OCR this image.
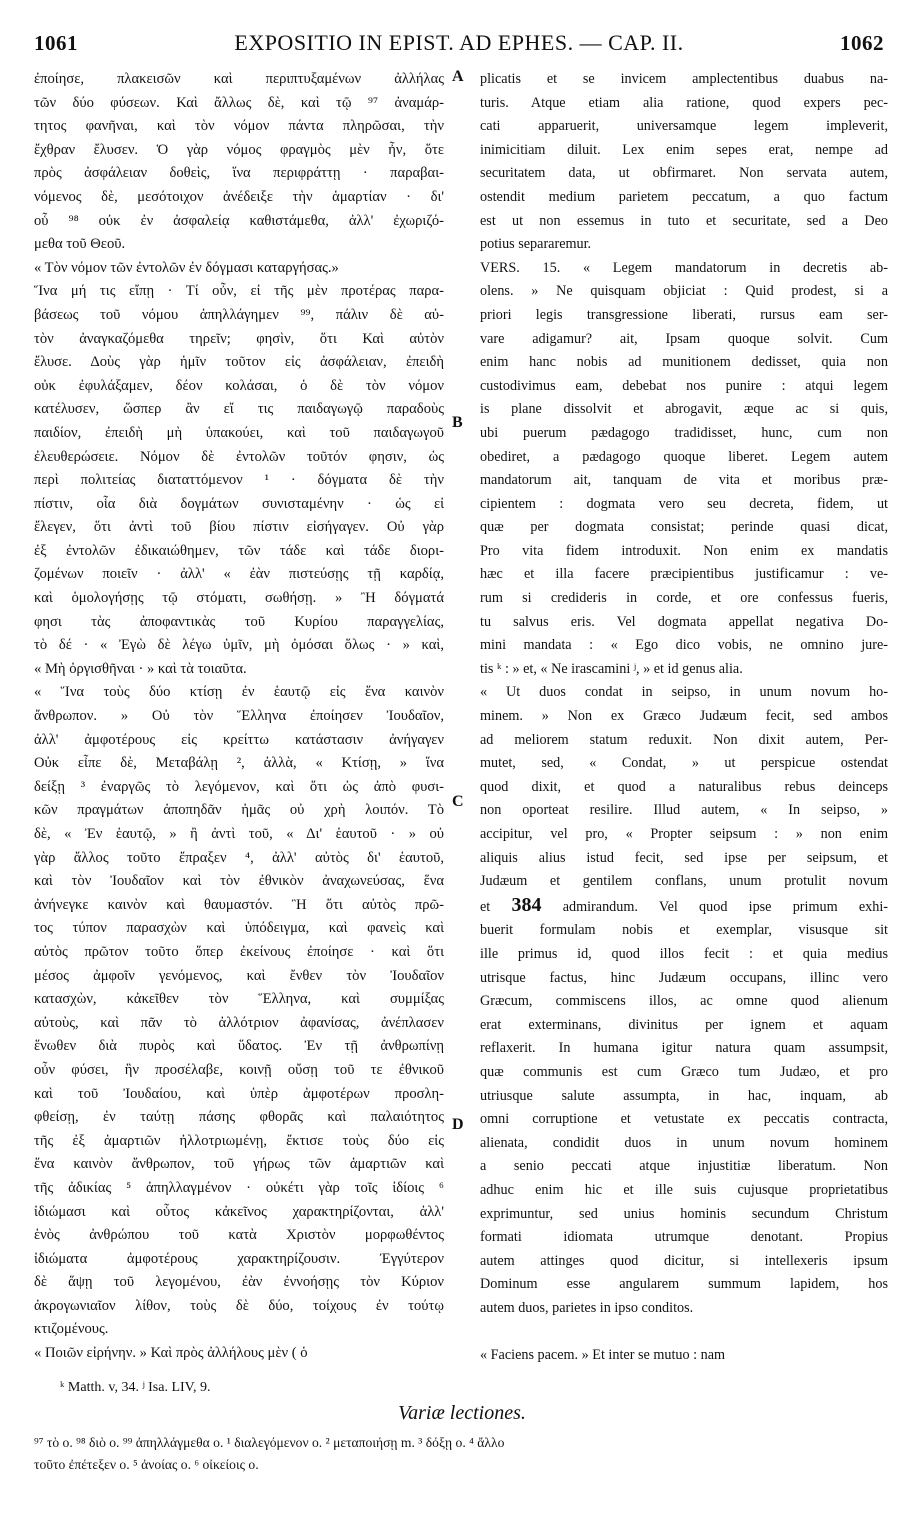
1061	EXPOSITIO IN EPIST. AD EPHES. — CAP. II.	1062
ἐποίησε, πλακεισῶν καὶ περιπτυξαμένων ἀλλήλας
τῶν δύο φύσεων. Καὶ ἄλλως δὲ, καὶ τῷ ⁹⁷ ἀναμάρ-
τητος φανῆναι, καὶ τὸν νόμον πάντα πληρῶσαι, τὴν
ἔχθραν ἔλυσεν. Ὁ γὰρ νόμος φραγμὸς μὲν ἦν, ὅτε
πρὸς ἀσφάλειαν δοθεὶς, ἵνα περιφράττῃ · παραβαι-
νόμενος δὲ, μεσότοιχον ἀνέδειξε τὴν ἁμαρτίαν · δι'
οὗ ⁹⁸ οὐκ ἐν ἀσφαλείᾳ καθιστάμεθα, ἀλλ' ἐχωριζό-
μεθα τοῦ Θεοῦ.
« Τὸν νόμον τῶν ἐντολῶν ἐν δόγμασι καταργήσας.»
Ἵνα μή τις εἴπῃ · Τί οὖν, εἰ τῆς μὲν προτέρας παρα-
βάσεως τοῦ νόμου ἀπηλλάγημεν ⁹⁹, πάλιν δὲ αὐ-
τὸν ἀναγκαζόμεθα τηρεῖν; φησὶν, ὅτι Καὶ αὐτὸν
ἔλυσε. Δοὺς γὰρ ἡμῖν τοῦτον εἰς ἀσφάλειαν, ἐπειδὴ
οὐκ ἐφυλάξαμεν, δέον κολάσαι, ὁ δὲ τὸν νόμον
κατέλυσεν, ὥσπερ ἂν εἴ τις παιδαγωγῷ παραδοὺς
παιδίον, ἐπειδὴ μὴ ὑπακούει, καὶ τοῦ παιδαγωγοῦ
ἐλευθερώσειε. Νόμον δὲ ἐντολῶν τοῦτόν φησιν, ὡς
περὶ πολιτείας διαταττόμενον ¹ · δόγματα δὲ τὴν
πίστιν, οἷα διὰ δογμάτων συνισταμένην · ὡς εἰ
ἔλεγεν, ὅτι ἀντὶ τοῦ βίου πίστιν εἰσήγαγεν. Οὐ γὰρ
ἐξ ἐντολῶν ἐδικαιώθημεν, τῶν τάδε καὶ τάδε διορι-
ζομένων ποιεῖν · ἀλλ' « ἐὰν πιστεύσῃς τῇ καρδίᾳ,
καὶ ὁμολογήσῃς τῷ στόματι, σωθήσῃ. » Ἢ δόγματά
φησι τὰς ἀποφαντικὰς τοῦ Κυρίου παραγγελίας,
τὸ δέ · « Ἐγὼ δὲ λέγω ὑμῖν, μὴ ὀμόσαι ὅλως · » καὶ,
« Μὴ ὀργισθῆναι · » καὶ τὰ τοιαῦτα.
« Ἵνα τοὺς δύο κτίσῃ ἐν ἑαυτῷ εἰς ἕνα καινὸν
ἄνθρωπον. » Οὐ τὸν Ἕλληνα ἐποίησεν Ἰουδαῖον,
ἀλλ' ἀμφοτέρους εἰς κρείττω κατάστασιν ἀνήγαγεν
Οὐκ εἶπε δὲ, Μεταβάλῃ ², ἀλλὰ, « Κτίσῃ, » ἵνα
δείξῃ ³ ἐναργῶς τὸ λεγόμενον, καὶ ὅτι ὡς ἀπὸ φυσι-
κῶν πραγμάτων ἀποπηδᾶν ἡμᾶς οὐ χρὴ λοιπόν. Τὸ
δὲ, « Ἐν ἑαυτῷ, » ἢ ἀντὶ τοῦ, « Δι' ἑαυτοῦ · » οὐ
γὰρ ἄλλος τοῦτο ἔπραξεν ⁴, ἀλλ' αὐτὸς δι' ἑαυτοῦ,
καὶ τὸν Ἰουδαῖον καὶ τὸν ἐθνικὸν ἀναχωνεύσας, ἕνα
ἀνήνεγκε καινὸν καὶ θαυμαστόν. Ἢ ὅτι αὐτὸς πρῶ-
τος τύπον παρασχὼν καὶ ὑπόδειγμα, καὶ φανεὶς καὶ
αὐτὸς πρῶτον τοῦτο ὅπερ ἐκείνους ἐποίησε · καὶ ὅτι
μέσος ἀμφοῖν γενόμενος, καὶ ἔνθεν τὸν Ἰουδαῖον
κατασχὼν, κἀκεῖθεν τὸν Ἕλληνα, καὶ συμμίξας
αὐτοὺς, καὶ πᾶν τὸ ἀλλότριον ἀφανίσας, ἀνέπλασεν
ἕνωθεν διὰ πυρὸς καὶ ὕδατος. Ἐν τῇ ἀνθρωπίνῃ
οὖν φύσει, ἣν προσέλαβε, κοινῇ οὔσῃ τοῦ τε ἐθνικοῦ
καὶ τοῦ Ἰουδαίου, καὶ ὑπὲρ ἀμφοτέρων προσλη-
φθείσῃ, ἐν ταύτῃ πάσης φθορᾶς καὶ παλαιότητος
τῆς ἐξ ἁμαρτιῶν ἠλλοτριωμένῃ, ἔκτισε τοὺς δύο εἰς
ἕνα καινὸν ἄνθρωπον, τοῦ γήρως τῶν ἁμαρτιῶν καὶ
τῆς ἀδικίας ⁵ ἀπηλλαγμένον · οὐκέτι γὰρ τοῖς ἰδίοις ⁶
ἰδιώμασι καὶ οὗτος κἀκεῖνος χαρακτηρίζονται, ἀλλ'
ἑνὸς ἀνθρώπου τοῦ κατὰ Χριστὸν μορφωθέντος
ἰδιώματα ἀμφοτέρους χαρακτηρίζουσιν. Ἐγγύτερον
δὲ ἅψῃ τοῦ λεγομένου, ἐὰν ἐννοήσῃς τὸν Κύριον
ἀκρογωνιαῖον λίθον, τοὺς δὲ δύο, τοίχους ἐν τούτῳ
κτιζομένους.
« Ποιῶν εἰρήνην. » Καὶ πρὸς ἀλλήλους μὲν ( ὁ
plicatis et se invicem amplectentibus duabus na-
turis. Atque etiam alia ratione, quod expers pec-
cati apparuerit, universamque legem impleverit,
inimicitiam diluit. Lex enim sepes erat, nempe ad
securitatem data, ut obfirmaret. Non servata autem,
ostendit medium parietem peccatum, a quo factum
est ut non essemus in tuto et securitate, sed a Deo
potius separaremur.
VERS. 15. « Legem mandatorum in decretis ab-
olens. » Ne quisquam objiciat : Quid prodest, si a
priori legis transgressione liberati, rursus eam ser-
vare adigamur? ait, Ipsam quoque solvit. Cum
enim hanc nobis ad munitionem dedisset, quia non
custodivimus eam, debebat nos punire : atqui legem
is plane dissolvit et abrogavit, æque ac si quis,
ubi puerum pædagogo tradidisset, hunc, cum non
obediret, a pædagogo quoque liberet. Legem autem
mandatorum ait, tanquam de vita et moribus præ-
cipientem : dogmata vero seu decreta, fidem, ut
quæ per dogmata consistat; perinde quasi dicat,
Pro vita fidem introduxit. Non enim ex mandatis
hæc et illa facere præcipientibus justificamur : ve-
rum si credideris in corde, et ore confessus fueris,
tu salvus eris. Vel dogmata appellat negativa Do-
mini mandata : « Ego dico vobis, ne omnino jure-
tis ᵏ : » et, « Ne irascamini ʲ, » et id genus alia.
« Ut duos condat in seipso, in unum novum ho-
minem. » Non ex Græco Judæum fecit, sed ambos
ad meliorem statum reduxit. Non dixit autem, Per-
mutet, sed, « Condat, » ut perspicue ostendat
quod dixit, et quod a naturalibus rebus deinceps
non oporteat resilire. Illud autem, « In seipso, »
accipitur, vel pro, « Propter seipsum : » non enim
aliquis alius istud fecit, sed ipse per seipsum, et
Judæum et gentilem conflans, unum protulit novum
et 384 admirandum. Vel quod ipse primum exhi-
buerit formulam nobis et exemplar, visusque sit
ille primus id, quod illos fecit : et quia medius
utrisque factus, hinc Judæum occupans, illinc vero
Græcum, commiscens illos, ac omne quod alienum
erat exterminans, divinitus per ignem et aquam
reflaxerit. In humana igitur natura quam assumpsit,
quæ communis est cum Græco tum Judæo, et pro
utriusque salute assumpta, in hac, inquam, ab
omni corruptione et vetustate ex peccatis contracta,
alienata, condidit duos in unum novum hominem
a senio peccati atque injustitiæ liberatum. Non
adhuc enim hic et ille suis cujusque proprietatibus
exprimuntur, sed unius hominis secundum Christum
formati idiomata utrumque denotant. Propius
autem attinges quod dicitur, si intellexeris ipsum
Dominum esse angularem summum lapidem, hos
autem duos, parietes in ipso conditos.

« Faciens pacem. » Et inter se mutuo : nam
A
B
C
D
ᵏ Matth. v, 34. ʲ Isa. LIV, 9.
Variæ lectiones.
⁹⁷ τὸ ο. ⁹⁸ διὸ ο. ⁹⁹ ἀπηλλάγμεθα ο. ¹ διαλεγόμενον ο. ² μεταποιήσῃ m. ³ δόξῃ ο. ⁴ ἄλλο
τοῦτο ἐπέτεξεν ο. ⁵ ἀνοίας ο. ⁶ οἰκείοις ο.
